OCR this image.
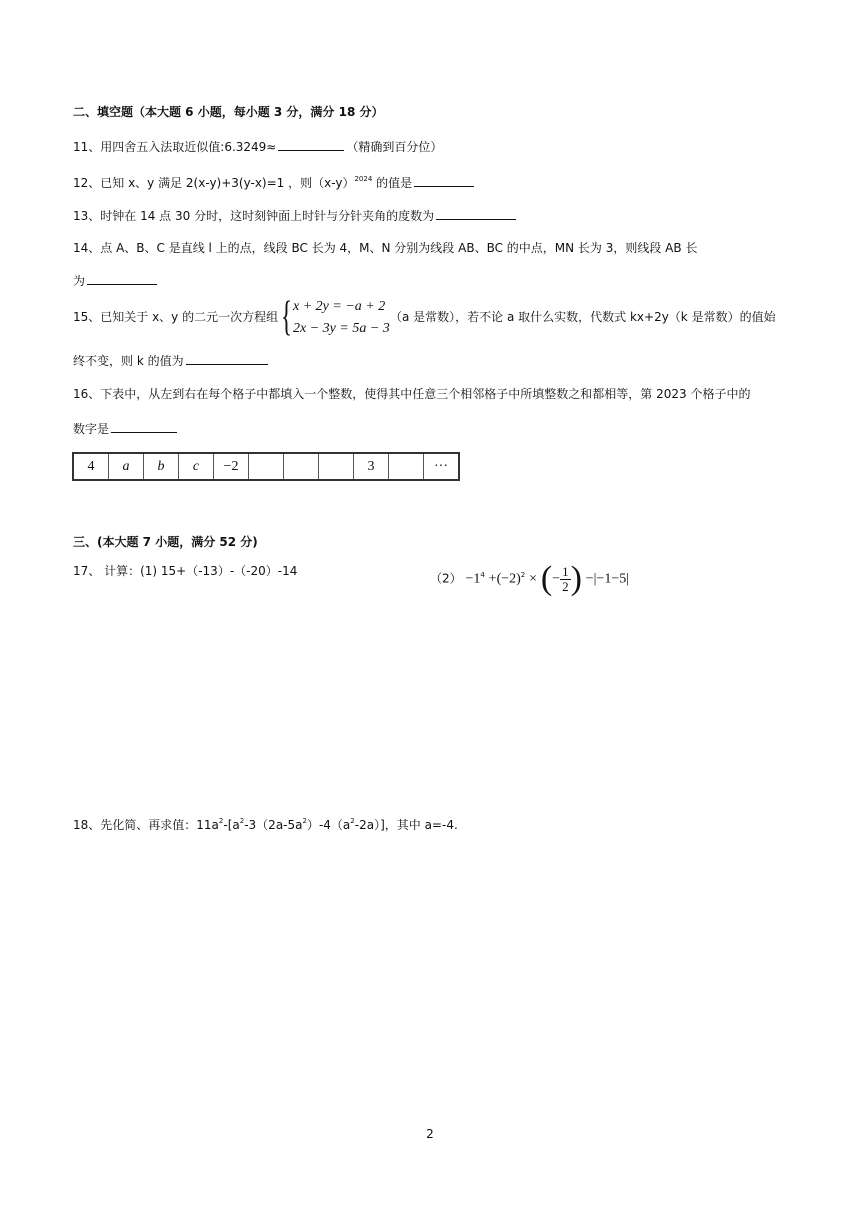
二、填空题（本大题 6 小题，每小题 3 分，满分 18 分）
11、用四舍五入法取近似值:6.3249≈	（精确到百分位）
12、已知 x、y 满足 2(x-y)+3(y-x)=1 ，则$(x-y)^{2024}$ 的值是
13、时钟在 14 点 30 分时，这时刻钟面上时针与分针夹角的度数为
14、点 A、B、C 是直线 l 上的点，线段 BC 长为 4，M、N 分别为线段 AB、BC 的中点，MN 长为 3，则线段 AB 长
为
15、已知关于 x、y 的二元一次方程组 { x + 2y = −a + 2
2x − 3y = 5a − 3
（a 是常数），若不论 a 取什么实数，代数式 kx+2y（k 是常数）的值始
终不变，则 k 的值为
16、下表中，从左到右在每个格子中都填入一个整数，使得其中任意三个相邻格子中所填整数之和都相等，第 2023 个格子中的
数字是
4	a	b	c	−2				3		···
三、(本大题 7 小题，满分 52 分)
17、 计算：(1) 15+（-13）-（-20）-14
$(2) -1^4 +(-2)^2$ × (− $\frac{1}{2}$ ) −|−1−5|
18、先化简、再求值：$11a^2-[a^2-3(2a-5a^2)-4(a^2-2a)]$，其中 a=-4.
2
